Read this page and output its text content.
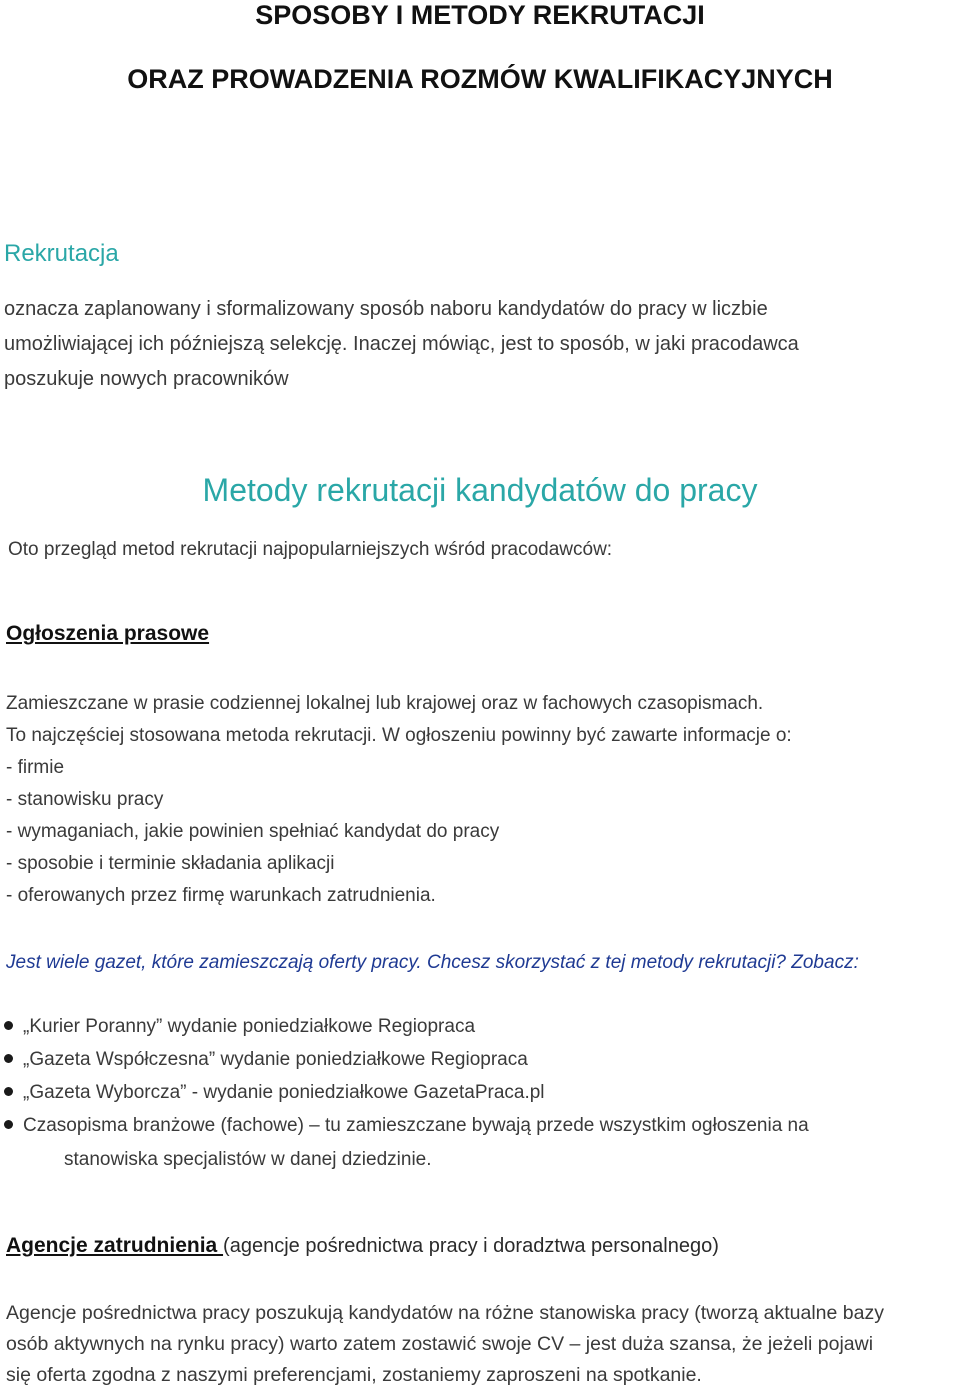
SPOSOBY I METODY REKRUTACJI
ORAZ PROWADZENIA ROZMÓW KWALIFIKACYJNYCH
Rekrutacja
oznacza zaplanowany i sformalizowany sposób naboru kandydatów do pracy w liczbie
umożliwiającej ich późniejszą selekcję. Inaczej mówiąc, jest to sposób, w jaki pracodawca
poszukuje nowych pracowników
Metody rekrutacji kandydatów do pracy
Oto przegląd metod rekrutacji najpopularniejszych wśród pracodawców:
Ogłoszenia prasowe
Zamieszczane w prasie codziennej lokalnej lub krajowej oraz w fachowych czasopismach.
To najczęściej stosowana metoda rekrutacji. W ogłoszeniu powinny być zawarte informacje o:
- firmie
- stanowisku pracy
- wymaganiach, jakie powinien spełniać kandydat do pracy
- sposobie i terminie składania aplikacji
- oferowanych przez firmę warunkach zatrudnienia.
Jest wiele gazet, które zamieszczają oferty pracy. Chcesz skorzystać z tej metody rekrutacji? Zobacz:
„Kurier Poranny” wydanie poniedziałkowe Regiopraca
„Gazeta Współczesna” wydanie poniedziałkowe Regiopraca
„Gazeta Wyborcza” - wydanie poniedziałkowe GazetaPraca.pl
Czasopisma branżowe (fachowe) – tu zamieszczane bywają przede wszystkim ogłoszenia na
stanowiska specjalistów w danej dziedzinie.
Agencje zatrudnienia (agencje pośrednictwa pracy i doradztwa personalnego)
Agencje pośrednictwa pracy poszukują kandydatów na różne stanowiska pracy (tworzą aktualne bazy
osób aktywnych na rynku pracy) warto zatem zostawić swoje CV – jest duża szansa, że jeżeli pojawi
się oferta zgodna z naszymi preferencjami, zostaniemy zaproszeni na spotkanie.
